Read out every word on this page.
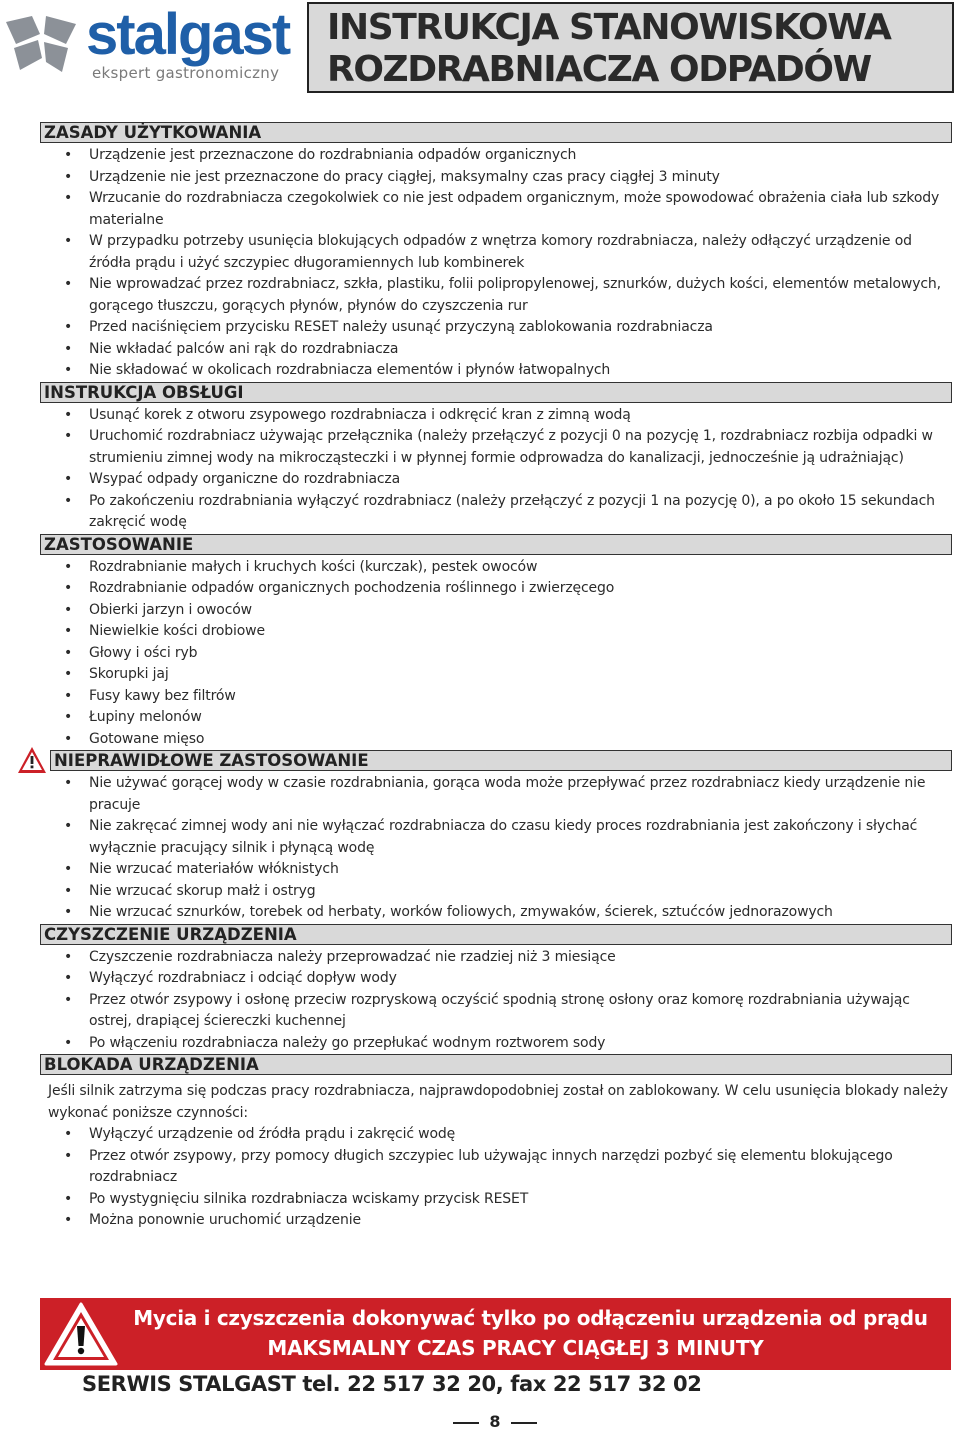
stalgast
ekspert gastronomiczny
INSTRUKCJA STANOWISKOWA
ROZDRABNIACZA ODPADÓW
ZASADY UŻYTKOWANIA
• Urządzenie jest przeznaczone do rozdrabniania odpadów organicznych
• Urządzenie nie jest przeznaczone do pracy ciągłej, maksymalny czas pracy ciągłej 3 minuty
• Wrzucanie do rozdrabniacza czegokolwiek co nie jest odpadem organicznym, może spowodować obrażenia ciała lub szkody materialne
• W przypadku potrzeby usunięcia blokujących odpadów z wnętrza komory rozdrabniacza, należy odłączyć urządzenie od źródła prądu i użyć szczypiec długoramiennych lub kombinerek
• Nie wprowadzać przez rozdrabniacz, szkła, plastiku, folii polipropylenowej, sznurków, dużych kości, elementów metalowych, gorącego tłuszczu, gorących płynów, płynów do czyszczenia rur
• Przed naciśnięciem przycisku RESET należy usunąć przyczyną zablokowania rozdrabniacza
• Nie wkładać palców ani rąk do rozdrabniacza
• Nie składować w okolicach rozdrabniacza elementów i płynów łatwopalnych
INSTRUKCJA OBSŁUGI
• Usunąć korek z otworu zsypowego rozdrabniacza i odkręcić kran z zimną wodą
• Uruchomić rozdrabniacz używając przełącznika (należy przełączyć z pozycji 0 na pozycję 1, rozdrabniacz rozbija odpadki w strumieniu zimnej wody na mikrocząsteczki i w płynnej formie odprowadza do kanalizacji, jednocześnie ją udrażniając)
• Wsypać odpady organiczne do rozdrabniacza
• Po zakończeniu rozdrabniania wyłączyć rozdrabniacz (należy przełączyć z pozycji 1 na pozycję 0), a po około 15 sekundach zakręcić wodę
ZASTOSOWANIE
• Rozdrabnianie małych i kruchych kości (kurczak), pestek owoców
• Rozdrabnianie odpadów organicznych pochodzenia roślinnego i zwierzęcego
• Obierki jarzyn i owoców
• Niewielkie kości drobiowe
• Głowy i ości ryb
• Skorupki jaj
• Fusy kawy bez filtrów
• Łupiny melonów
• Gotowane mięso
NIEPRAWIDŁOWE ZASTOSOWANIE
• Nie używać gorącej wody w czasie rozdrabniania, gorąca woda może przepływać przez rozdrabniacz kiedy urządzenie nie pracuje
• Nie zakręcać zimnej wody ani nie wyłączać rozdrabniacza do czasu kiedy proces rozdrabniania jest zakończony i słychać wyłącznie pracujący silnik i płynącą wodę
• Nie wrzucać materiałów włóknistych
• Nie wrzucać skorup małż i ostryg
• Nie wrzucać sznurków, torebek od herbaty, worków foliowych, zmywaków, ścierek, sztućców jednorazowych
CZYSZCZENIE URZĄDZENIA
• Czyszczenie rozdrabniacza należy przeprowadzać nie rzadziej niż 3 miesiące
• Wyłączyć rozdrabniacz i odciąć dopływ wody
• Przez otwór zsypowy i osłonę przeciw rozpryskową oczyścić spodnią stronę osłony oraz komorę rozdrabniania używając ostrej, drapiącej ściereczki kuchennej
• Po włączeniu rozdrabniacza należy go przepłukać wodnym roztworem sody
BLOKADA URZĄDZENIA

Jeśli silnik zatrzyma się podczas pracy rozdrabniacza, najprawdopodobniej został on zablokowany. W celu usunięcia blokady należy wykonać poniższe czynności:

• Wyłączyć urządzenie od źródła prądu i zakręcić wodę
• Przez otwór zsypowy, przy pomocy długich szczypiec lub używając innych narzędzi pozbyć się elementu blokującego rozdrabniacz
• Po wystygnięciu silnika rozdrabniacza wciskamy przycisk RESET
• Można ponownie uruchomić urządzenie
Mycia i czyszczenia dokonywać tylko po odłączeniu urządzenia od prądu
MAKSMALNY CZAS PRACY CIĄGŁEJ 3 MINUTY
SERWIS STALGAST tel. 22 517 32 20, fax 22 517 32 02
8
